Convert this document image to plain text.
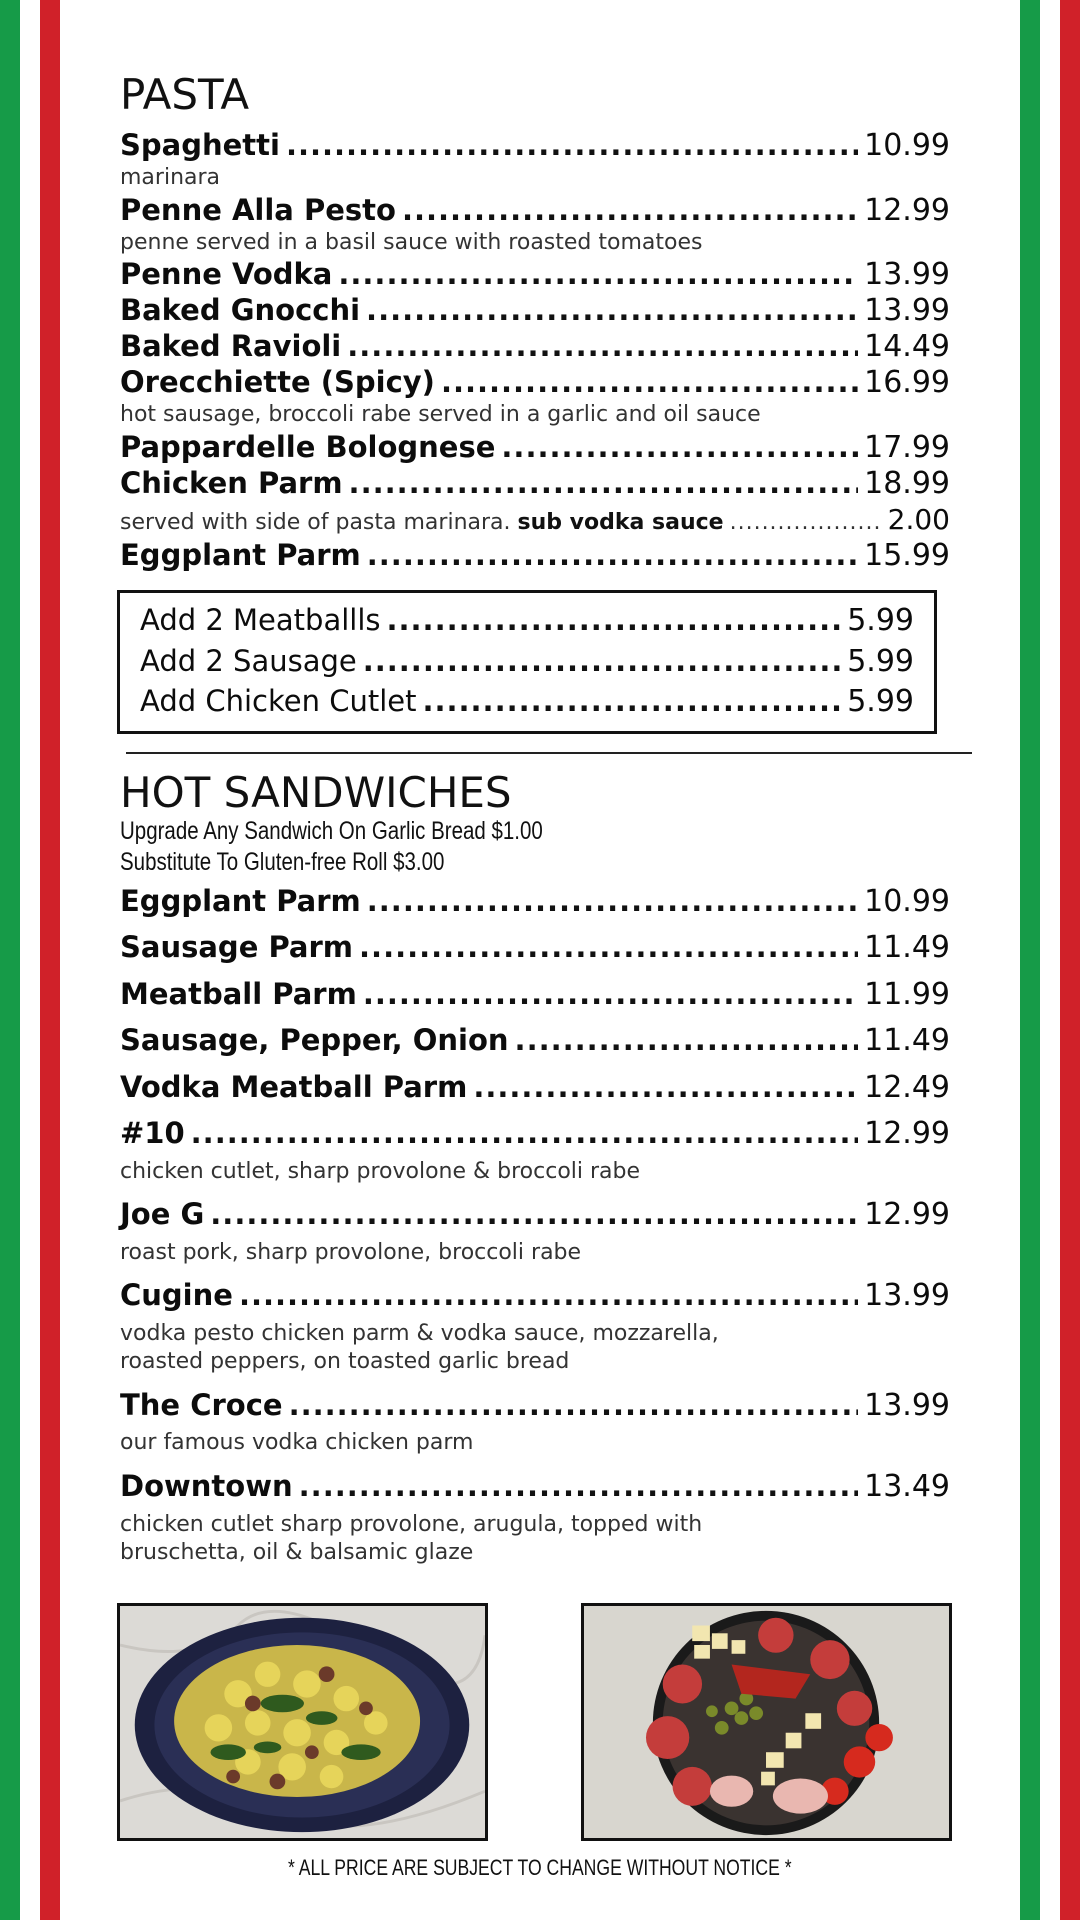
PASTA
Spaghetti .....	10.99
marinara
Penne Alla Pesto .....	12.99
penne served in a basil sauce with roasted tomatoes
Penne Vodka .....	13.99
Baked Gnocchi .....	13.99
Baked Ravioli .....	14.49
Orecchiette (Spicy) .....	16.99
hot sausage, broccoli rabe served in a garlic and oil sauce
Pappardelle Bolognese .....	17.99
Chicken Parm .....	18.99
served with side of pasta marinara.
sub vodka sauce .....	2.00
Eggplant Parm .....	15.99
Add 2 Meatballls .....	5.99
Add 2 Sausage .....	5.99
Add Chicken Cutlet .....	5.99
HOT SANDWICHES
Upgrade Any Sandwich On Garlic Bread $1.00
Substitute To Gluten-free Roll $3.00
Eggplant Parm .....	10.99
Sausage Parm .....	11.49
Meatball Parm .....	11.99
Sausage, Pepper, Onion .....	11.49
Vodka Meatball Parm .....	12.49
#10 .....	12.99
chicken cutlet, sharp provolone & broccoli rabe
Joe G .....	12.99
roast pork, sharp provolone, broccoli rabe
Cugine .....	13.99
vodka pesto chicken parm & vodka sauce, mozzarella,
roasted peppers, on toasted garlic bread
The Croce .....	13.99
our famous vodka chicken parm
Downtown .....	13.49
chicken cutlet sharp provolone, arugula, topped with
bruschetta, oil & balsamic glaze
* ALL PRICE ARE SUBJECT TO CHANGE WITHOUT NOTICE *
